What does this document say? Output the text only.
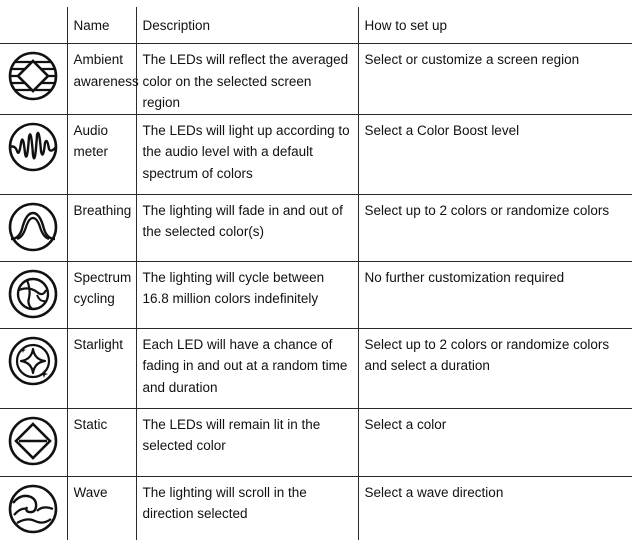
	Name	Description	How to set up

	Ambient awareness	The LEDs will reflect the averaged color on the selected screen region	Select or customize a screen region

	Audio meter	The LEDs will light up according to the audio level with a default spectrum of colors	Select a Color Boost level

	Breathing	The lighting will fade in and out of the selected color(s)	Select up to 2 colors or randomize colors

	Spectrum cycling	The lighting will cycle between 16.8 million colors indefinitely	No further customization required

	Starlight	Each LED will have a chance of fading in and out at a random time and duration	Select up to 2 colors or randomize colors and select a duration

	Static	The LEDs will remain lit in the selected color	Select a color

	Wave	The lighting will scroll in the direction selected	Select a wave direction
